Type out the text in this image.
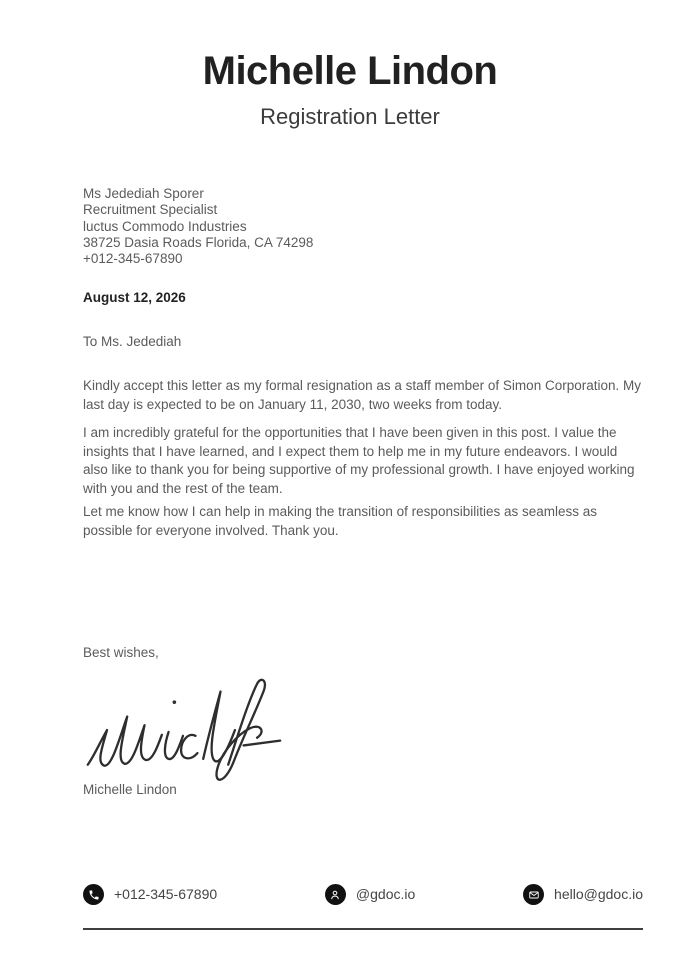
Michelle Lindon
Registration Letter
Ms Jedediah Sporer
Recruitment Specialist
luctus Commodo Industries
38725 Dasia Roads Florida, CA 74298
+012-345-67890
August 12, 2026
To Ms. Jedediah

Kindly accept this letter as my formal resignation as a staff member of Simon Corporation. My last day is expected to be on January 11, 2030, two weeks from today.

I am incredibly grateful for the opportunities that I have been given in this post. I value the insights that I have learned, and I expect them to help me in my future endeavors. I would also like to thank you for being supportive of my professional growth. I have enjoyed working with you and the rest of the team.

Let me know how I can help in making the transition of responsibilities as seamless as possible for everyone involved. Thank you.

Best wishes,
Michelle Lindon
+012-345-67890	@gdoc.io	hello@gdoc.io
